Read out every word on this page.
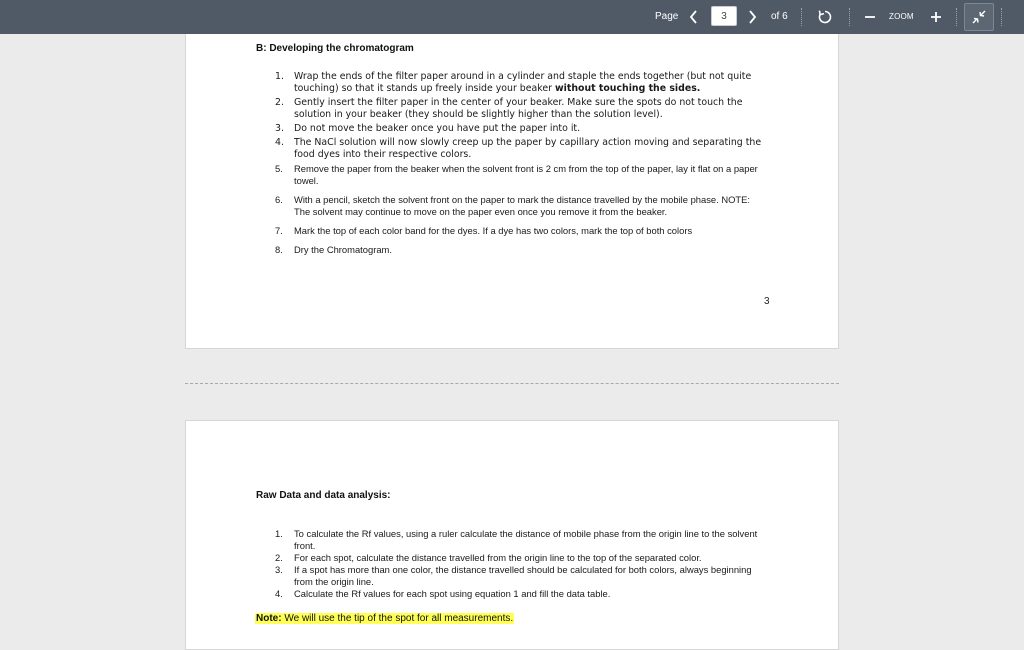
Page
3	of 6	ZOOM
B: Developing the chromatogram
1. Wrap the ends of the filter paper around in a cylinder and staple the ends together (but not quite touching) so that it stands up freely inside your beaker without touching the sides.
2. Gently insert the filter paper in the center of your beaker. Make sure the spots do not touch the solution in your beaker (they should be slightly higher than the solution level).
3. Do not move the beaker once you have put the paper into it.
4. The NaCl solution will now slowly creep up the paper by capillary action moving and separating the food dyes into their respective colors.
5. Remove the paper from the beaker when the solvent front is 2 cm from the top of the paper, lay it flat on a paper towel.
6. With a pencil, sketch the solvent front on the paper to mark the distance travelled by the mobile phase. NOTE: The solvent may continue to move on the paper even once you remove it from the beaker.
7. Mark the top of each color band for the dyes. If a dye has two colors, mark the top of both colors
8. Dry the Chromatogram.
3
Raw Data and data analysis:
1. To calculate the Rf values, using a ruler calculate the distance of mobile phase from the origin line to the solvent front.
2. For each spot, calculate the distance travelled from the origin line to the top of the separated color.
3. If a spot has more than one color, the distance travelled should be calculated for both colors, always beginning from the origin line.
4. Calculate the Rf values for each spot using equation 1 and fill the data table.
Note: We will use the tip of the spot for all measurements.
